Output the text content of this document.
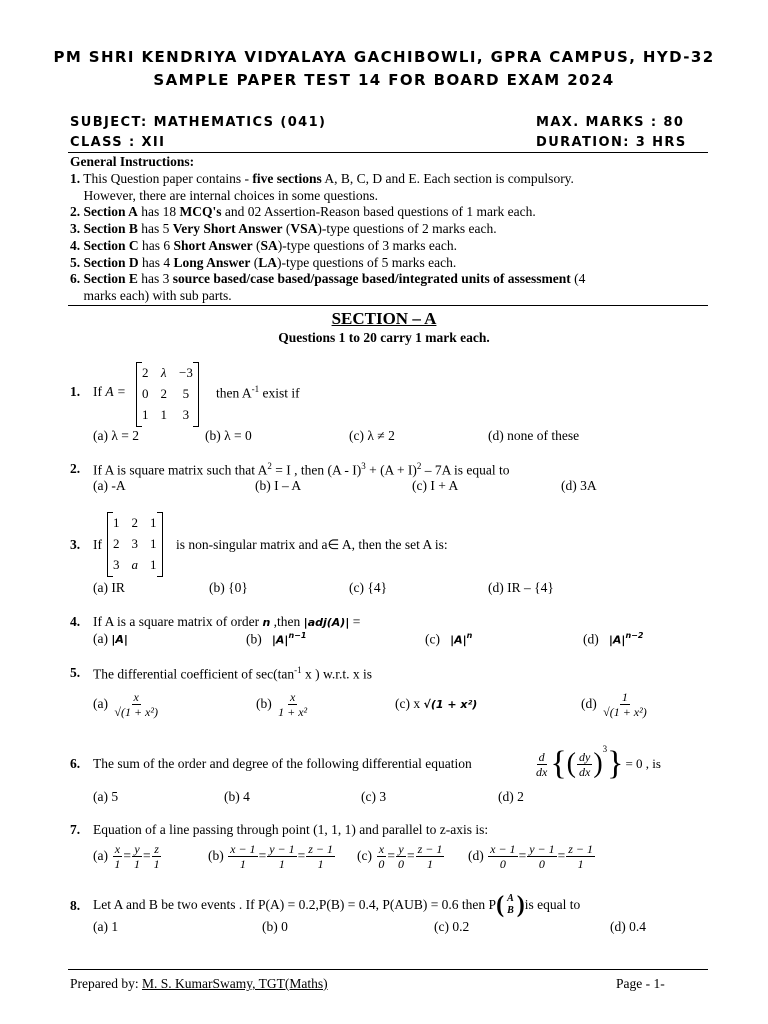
PM SHRI KENDRIYA VIDYALAYA GACHIBOWLI, GPRA CAMPUS, HYD-32
SAMPLE PAPER TEST 14 FOR BOARD EXAM 2024
SUBJECT: MATHEMATICS (041)	MAX. MARKS : 80
CLASS : XII	DURATION: 3 HRS
General Instructions:
1. This Question paper contains - five sections A, B, C, D and E. Each section is compulsory.
However, there are internal choices in some questions.
2. Section A has 18 MCQ's and 02 Assertion-Reason based questions of 1 mark each.
3. Section B has 5 Very Short Answer (VSA)-type questions of 2 marks each.
4. Section C has 6 Short Answer (SA)-type questions of 3 marks each.
5. Section D has 4 Long Answer (LA)-type questions of 5 marks each.
6. Section E has 3 source based/case based/passage based/integrated units of assessment (4
marks each) with sub parts.
SECTION – A
Questions 1 to 20 carry 1 mark each.
1. If A =
2	λ	−3
0	2	5
1	1	3
then $A^{-1}$ exist if
(a) λ = 2	(b) λ = 0	(c) λ ≠ 2	(d) none of these
2. If A is square matrix such that $A^2 = I$ , then $(A - I)^3 + (A + I)^2 - 7A$ is equal to
(a) -A	(b) I – A	(c) I + A	(d) 3A
3. If
1	2	1
2	3	1
3	a	1
is non-singular matrix and a∈ A, then the set A is:
(a) IR	(b) {0}	(c) {4}	(d) IR – {4}
4. If A is a square matrix of order n ,then |adj(A)| =
(a) |A|	(b) $|A|^{n-1}$	(c) $|A|^n$	(d) $|A|^{n-2}$
5. The differential coefficient of $\sec(\tan^{-1}$ x ) w.r.t. x is
(a)
$\frac{x}{\text{√(1 + x²)}}$	(b)
$\frac{x}{\text{1 + x²}}$	(c) x
√(1 + x²)	(d)
$\frac{1}{\text{√(1 + x²)}}$
6. The sum of the order and degree of the following differential equation	$\frac{d}{dx}$ { ( $\frac{dy}{dx} )^3$ } = 0 , is
(a) 5	(b) 4	(c) 3	(d) 2
7. Equation of a line passing through point (1, 1, 1) and parallel to z-axis is:
(a)
$\frac{x}{1} = \frac{y}{1} = \frac{z}{1}$	(b)
$\frac{x - 1}{1} = \frac{y - 1}{1} = \frac{z - 1}{1} (c)$
$\frac{x}{0} = \frac{y}{0} = \frac{z - 1}{1} (d)$
$\frac{x - 1}{0} = \frac{y - 1}{0} = \frac{z - 1}{1}$
8. Let A and B be two events . If P(A) = 0.2,P(B) = 0.4, P(AUB) = 0.6 then P ( A
B ) is equal to
(a) 1	(b) 0	(c) 0.2	(d) 0.4
Prepared by: M. S. KumarSwamy, TGT(Maths)	Page - 1-
